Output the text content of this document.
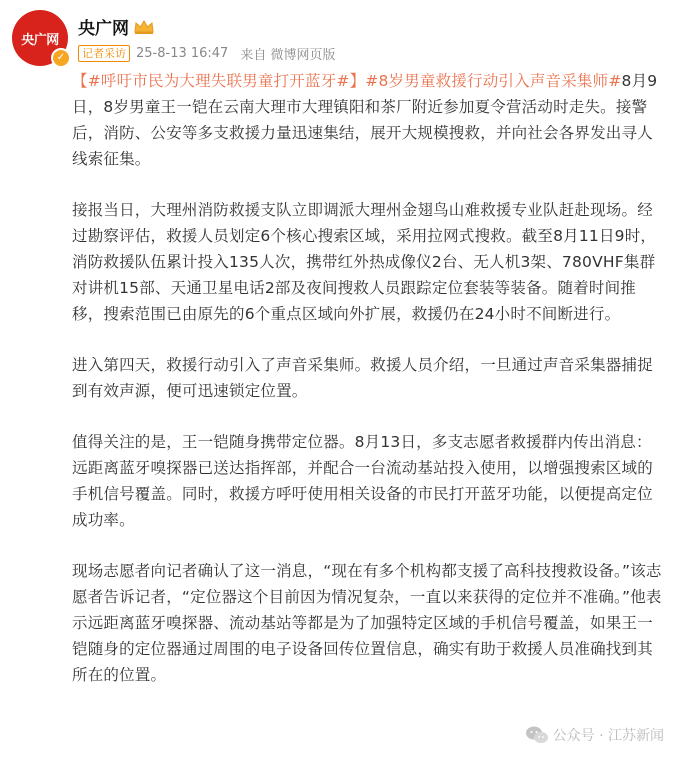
央广网
✓
央广网
记者采访 25-8-13 16:47 来自 微博网页版

【#呼吁市民为大理失联男童打开蓝牙#】#8岁男童救援行动引入声音采集师#8月9日，8岁男童王一铠在云南大理市大理镇阳和茶厂附近参加夏令营活动时走失。接警后，消防、公安等多支救援力量迅速集结，展开大规模搜救，并向社会各界发出寻人线索征集。

接报当日，大理州消防救援支队立即调派大理州金翅鸟山难救援专业队赶赴现场。经过勘察评估，救援人员划定6个核心搜索区域，采用拉网式搜救。截至8月11日9时，消防救援队伍累计投入135人次，携带红外热成像仪2台、无人机3架、780VHF集群对讲机15部、天通卫星电话2部及夜间搜救人员跟踪定位套装等装备。随着时间推移，搜索范围已由原先的6个重点区域向外扩展，救援仍在24小时不间断进行。

进入第四天，救援行动引入了声音采集师。救援人员介绍，一旦通过声音采集器捕捉到有效声源，便可迅速锁定位置。

值得关注的是，王一铠随身携带定位器。8月13日，多支志愿者救援群内传出消息：远距离蓝牙嗅探器已送达指挥部，并配合一台流动基站投入使用，以增强搜索区域的手机信号覆盖。同时，救援方呼吁使用相关设备的市民打开蓝牙功能，以便提高定位成功率。

现场志愿者向记者确认了这一消息，“现在有多个机构都支援了高科技搜救设备。”该志愿者告诉记者，“定位器这个目前因为情况复杂，一直以来获得的定位并不准确。”他表示远距离蓝牙嗅探器、流动基站等都是为了加强特定区域的手机信号覆盖，如果王一铠随身的定位器通过周围的电子设备回传位置信息，确实有助于救援人员准确找到其所在的位置。

公众号 · 江苏新闻
